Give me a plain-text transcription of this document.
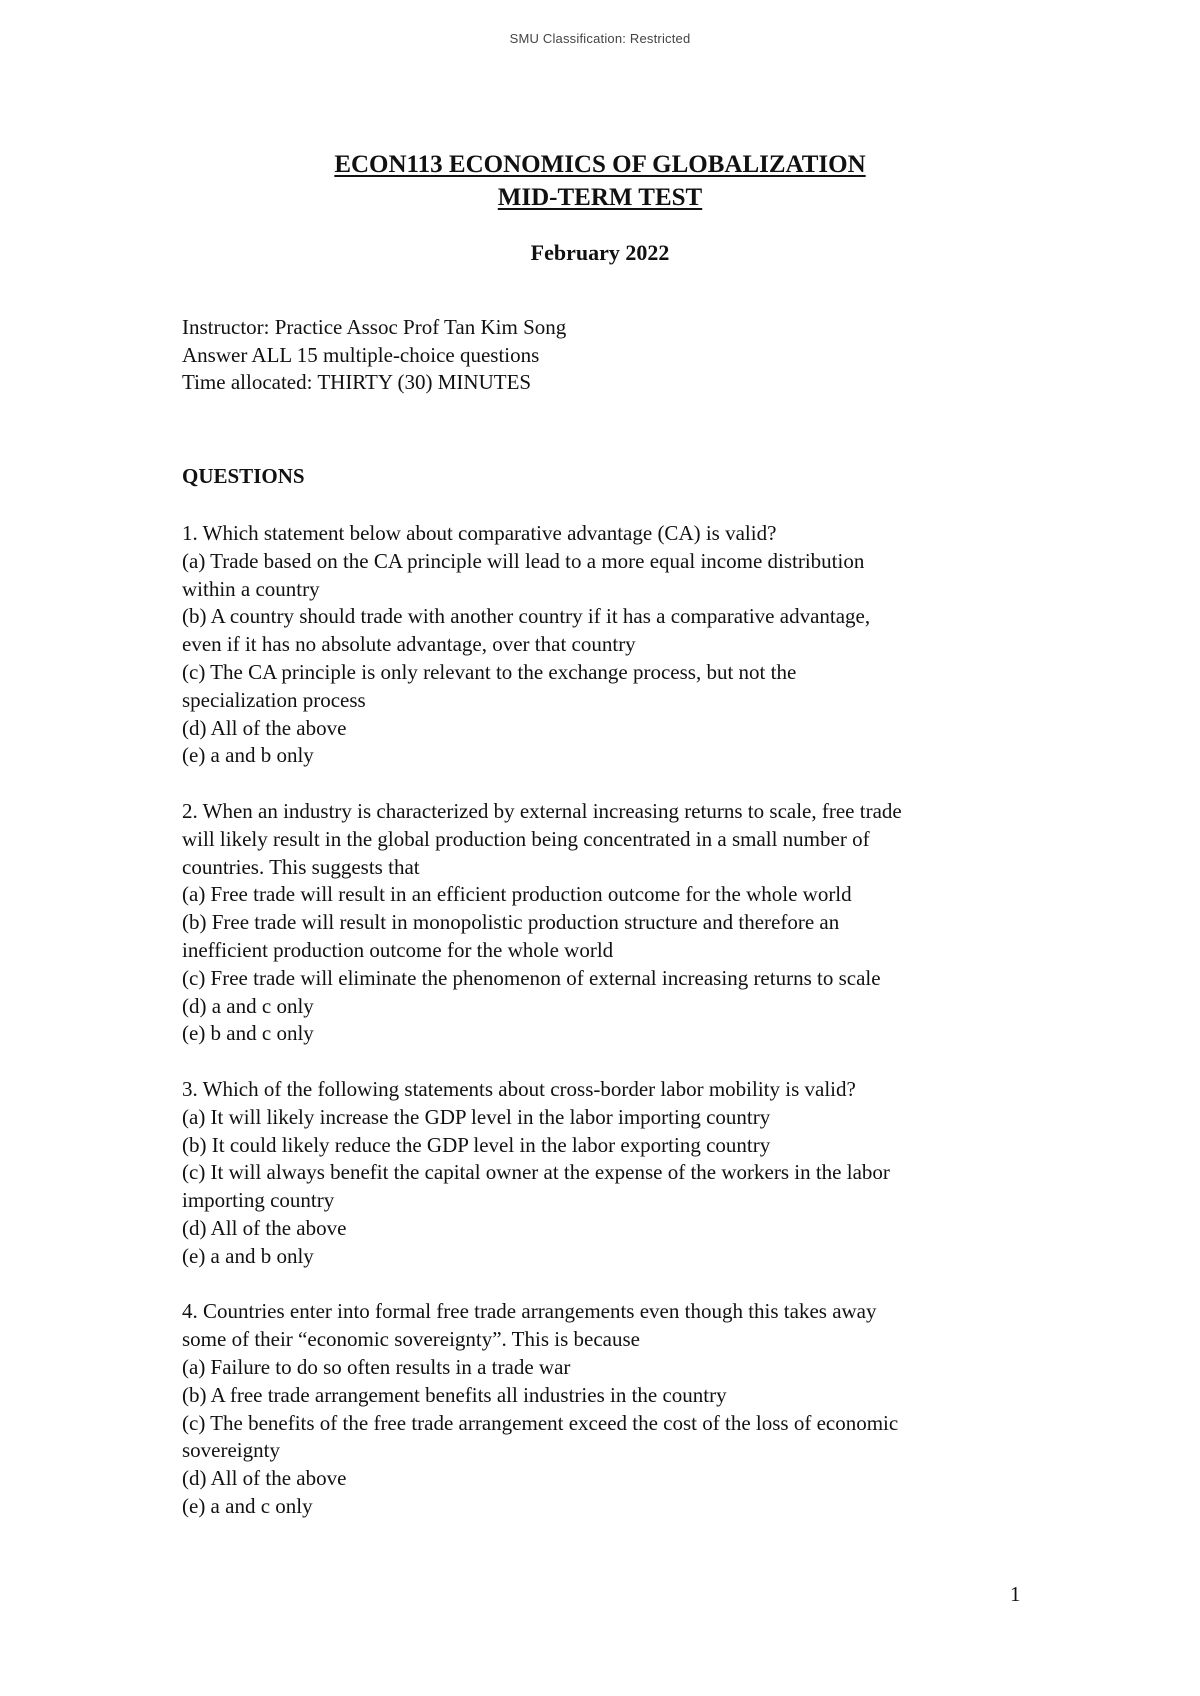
SMU Classification: Restricted
ECON113 ECONOMICS OF GLOBALIZATION
MID-TERM TEST
February 2022
Instructor: Practice Assoc Prof Tan Kim Song
Answer ALL 15 multiple-choice questions
Time allocated: THIRTY (30) MINUTES
QUESTIONS
1. Which statement below about comparative advantage (CA) is valid?
(a) Trade based on the CA principle will lead to a more equal income distribution
within a country
(b) A country should trade with another country if it has a comparative advantage,
even if it has no absolute advantage, over that country
(c) The CA principle is only relevant to the exchange process, but not the
specialization process
(d) All of the above
(e) a and b only
2. When an industry is characterized by external increasing returns to scale, free trade
will likely result in the global production being concentrated in a small number of
countries. This suggests that
(a) Free trade will result in an efficient production outcome for the whole world
(b) Free trade will result in monopolistic production structure and therefore an
inefficient production outcome for the whole world
(c) Free trade will eliminate the phenomenon of external increasing returns to scale
(d) a and c only
(e) b and c only
3. Which of the following statements about cross-border labor mobility is valid?
(a) It will likely increase the GDP level in the labor importing country
(b) It could likely reduce the GDP level in the labor exporting country
(c) It will always benefit the capital owner at the expense of the workers in the labor
importing country
(d) All of the above
(e) a and b only
4. Countries enter into formal free trade arrangements even though this takes away
some of their “economic sovereignty”. This is because
(a) Failure to do so often results in a trade war
(b) A free trade arrangement benefits all industries in the country
(c) The benefits of the free trade arrangement exceed the cost of the loss of economic
sovereignty
(d) All of the above
(e) a and c only
1
